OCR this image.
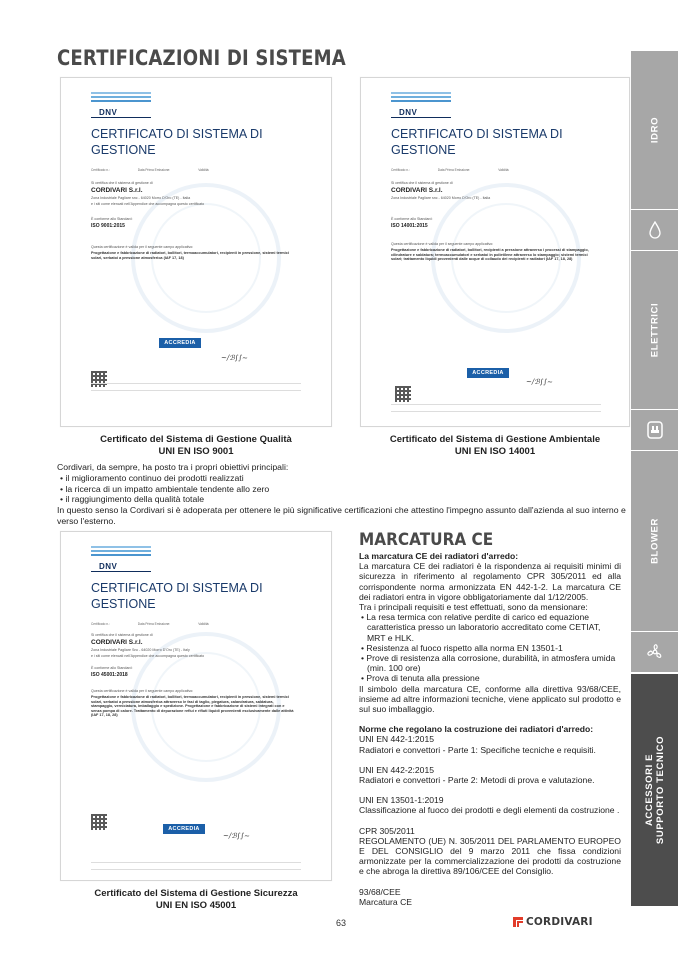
CERTIFICAZIONI DI SISTEMA
DNV
CERTIFICATO DI SISTEMA DI GESTIONE
Certificato n.:	Data Prima Emissione:	Validità:
Si certifica che il sistema di gestione di
CORDIVARI S.r.l.
Zona Industriale Pagliare snc - 64020 Morro D'Oro (TE) - Italia
e i siti come elencati nell'Appendice che accompagna questo certificato
È conforme allo Standard:
ISO 9001:2015
Questa certificazione è valida per il seguente campo applicativo:
Progettazione e fabbricazione di radiatori, bollitori, termoaccumulatori, recipienti in pressione, sistemi termici solari, serbatoi a pressione atmosferica (IAF 17, 18)
ACCREDIA
~/ℬ∫∫∼
Certificato del Sistema di Gestione Qualità
UNI EN ISO 9001
DNV
CERTIFICATO DI SISTEMA DI GESTIONE
Certificato n.:	Data Prima Emissione:	Validità:
Si certifica che il sistema di gestione di
CORDIVARI S.r.l.
Zona Industriale Pagliare snc - 64020 Morro D'Oro (TE) - Italia
È conforme allo Standard:
ISO 14001:2015
Questa certificazione è valida per il seguente campo applicativo:
Progettazione e fabbricazione di radiatori, bollitori, recipienti a pressione attraverso i processi di stampaggio, cilindrature e saldatura; termoaccumulatori e serbatoi in polietilene attraverso lo stampaggio; sistemi termici solari; trattamento liquidi provenienti dalle acque di collaudo dei recipienti e radiatori (IAF 17, 18, 28)
ACCREDIA
~/ℬ∫∫∼
Certificato del Sistema di Gestione Ambientale
UNI EN ISO 14001
Cordivari, da sempre, ha posto tra i propri obiettivi principali:
• il miglioramento continuo dei prodotti realizzati
• la ricerca di un impatto ambientale tendente allo zero
• il raggiungimento della qualità totale
In questo senso la Cordivari si è adoperata per ottenere le più significative certificazioni che attestino l'impegno assunto dall'azienda al suo interno e verso l'esterno.
DNV
CERTIFICATO DI SISTEMA DI GESTIONE
Certificato n.:	Data Prima Emissione:	Validità:
Si certifica che il sistema di gestione di
CORDIVARI S.r.l.
Zona Industriale Pagliare Snc - 64020 Morro D'Oro (TE) - Italy
e i siti come elencati nell'Appendice che accompagna questo certificato
È conforme allo Standard:
ISO 45001:2018
Questa certificazione è valida per il seguente campo applicativo:
Progettazione e fabbricazione di radiatori, bollitori, termoaccumulatori, recipienti in pressione, sistemi termici solari, serbatoi a pressione atmosferica attraverso le fasi di taglio, piegatura, calandratura, saldatura, stampaggio, verniciatura, imballaggio e spedizione. Progettazione e fabbricazione di sistemi integrati con e senza pompa di calore. Trattamento di depurazione reflui e rifiuti liquidi provenienti esclusivamente dalle attività (IAF 17, 18, 28)
ACCREDIA
~/ℬ∫∫∼
Certificato del Sistema di Gestione Sicurezza
UNI EN ISO 45001
MARCATURA CE
La marcatura CE dei radiatori d'arredo:
La marcatura CE dei radiatori è la rispondenza ai requisiti minimi di sicurezza in riferimento al regolamento CPR 305/2011 ed alla corrispondente norma armonizzata EN 442-1-2. La marcatura CE dei radiatori entra in vigore obbligatoriamente dal 1/12/2005.
Tra i principali requisiti e test effettuati, sono da mensionare:
• La resa termica con relative perdite di carico ed equazione caratteristica presso un laboratorio accreditato come CETIAT, MRT e HLK.
• Resistenza al fuoco rispetto alla norma EN 13501-1
• Prove di resistenza alla corrosione, durabilità, in atmosfera umida (min. 100 ore)
• Prova di tenuta alla pressione
Il simbolo della marcatura CE, conforme alla direttiva 93/68/CEE, insieme ad altre informazioni tecniche, viene applicato sul prodotto e sul suo imballaggio.
Norme che regolano la costruzione dei radiatori d'arredo:
UNI EN 442-1:2015
Radiatori e convettori - Parte 1: Specifiche tecniche e requisiti.
UNI EN 442-2:2015
Radiatori e convettori - Parte 2: Metodi di prova e valutazione.
UNI EN 13501-1:2019
Classificazione al fuoco dei prodotti e degli elementi da costruzione .
CPR 305/2011
REGOLAMENTO (UE) N. 305/2011 DEL PARLAMENTO EUROPEO E DEL CONSIGLIO del 9 marzo 2011 che fissa condizioni armonizzate per la commercializzazione dei prodotti da costruzione e che abroga la direttiva 89/106/CEE del Consiglio.
93/68/CEE
Marcatura CE
IDRO
ELETTRICI
BLOWER
ACCESSORI E SUPPORTO TECNICO
63	CORDIVARI
